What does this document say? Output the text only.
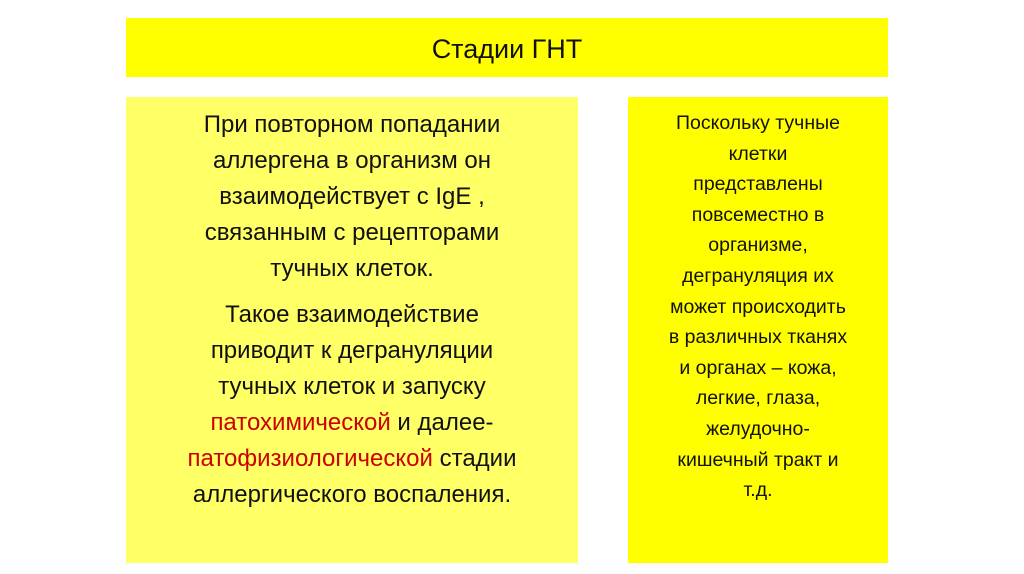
Стадии ГНТ

При повторном попадании
аллергена в организм он
взаимодействует с IgE ,
связанным с рецепторами
тучных клеток.

Такое взаимодействие
приводит к дегрануляции
тучных клеток и запуску
патохимической и далее-
патофизиологической стадии
аллергического воспаления.

Поскольку тучные
клетки
представлены
повсеместно в
организме,
дегрануляция их
может происходить
в различных тканях
и органах – кожа,
легкие, глаза,
желудочно-
кишечный тракт и
т.д.
